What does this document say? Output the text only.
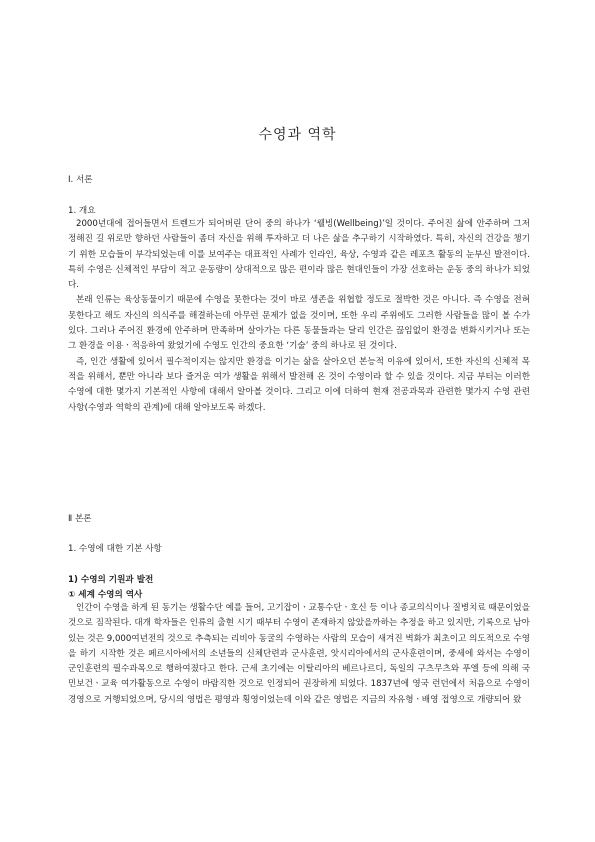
수영과 역학
Ⅰ. 서론
1. 개요

2000년대에 접어들면서 트렌드가 되어버린 단어 중의 하나가 ‘웰빙(Wellbeing)’일 것이다. 주어진 삶에 안주하며 그저 정해진 길 위로만 향하던 사람들이 좀더 자신을 위해 투자하고 더 나은 삶을 추구하기 시작하였다. 특히, 자신의 건강을 챙기기 위한 모습들이 부각되었는데 이를 보여주는 대표적인 사례가 인라인, 육상, 수영과 같은 레포츠 활동의 눈부신 발전이다. 특히 수영은 신체적인 부담이 적고 운동량이 상대적으로 많은 편이라 많은 현대인들이 가장 선호하는 운동 중의 하나가 되었다.

본래 인류는 육상동물이기 때문에 수영을 못한다는 것이 바로 생존을 위협할 정도로 절박한 것은 아니다. 즉 수영을 전혀 못한다고 해도 자신의 의식주를 해결하는데 아무런 문제가 없을 것이며, 또한 우리 주위에도 그러한 사람들을 많이 볼 수가 있다. 그러나 주어진 환경에 안주하며 만족하며 살아가는 다른 동물들과는 달리 인간은 끊임없이 환경을 변화시키거나 또는 그 환경을 이용ㆍ적응하여 왔었기에 수영도 인간의 중요한 ‘기술’ 중의 하나로 된 것이다.

즉, 인간 생활에 있어서 필수적이지는 않지만 환경을 이기는 삶을 살아오던 본능적 이유에 있어서, 또한 자신의 신체적 목적을 위해서, 뿐만 아니라 보다 즐거운 여가 생활을 위해서 발전해 온 것이 수영이라 할 수 있을 것이다. 지금 부터는 이러한 수영에 대한 몇가지 기본적인 사항에 대해서 알아볼 것이다. 그리고 이에 더하여 현재 전공과목과 관련한 몇가지 수영 관련 사항(수영과 역학의 관계)에 대해 알아보도록 하겠다.

Ⅱ 본론
1. 수영에 대한 기본 사항
1) 수영의 기원과 발전
① 세계 수영의 역사

인간이 수영을 하게 된 동기는 생활수단 예를 들어, 고기잡이ㆍ교통수단ㆍ호신 등 이나 종교의식이나 질병치료 때문이었을 것으로 짐작된다. 대개 학자들은 인류의 출현 시기 때부터 수영이 존재하지 않았을까하는 추정을 하고 있지만, 기록으로 남아 있는 것은 9,000여년전의 것으로 추측되는 리비아 동굴의 수영하는 사람의 모습이 새겨진 벽화가 최초이고 의도적으로 수영을 하기 시작한 것은 페르시아에서의 소년들의 신체단련과 군사훈련, 앗시리아에서의 군사훈련이며, 중세에 와서는 수영이 군인훈련의 필수과목으로 행하여졌다고 한다. 근세 초기에는 이탈리아의 베르나르디, 독일의 구츠무츠와 푸엘 등에 의해 국민보건ㆍ교육 여가활동으로 수영이 바람직한 것으로 인정되어 권장하게 되었다. 1837년에 영국 런던에서 처음으로 수영이 경영으로 거행되었으며, 당시의 영법은 평영과 횡영이었는데 이와 같은 영법은 지금의 자유형ㆍ배영 접영으로 개량되어 왔
